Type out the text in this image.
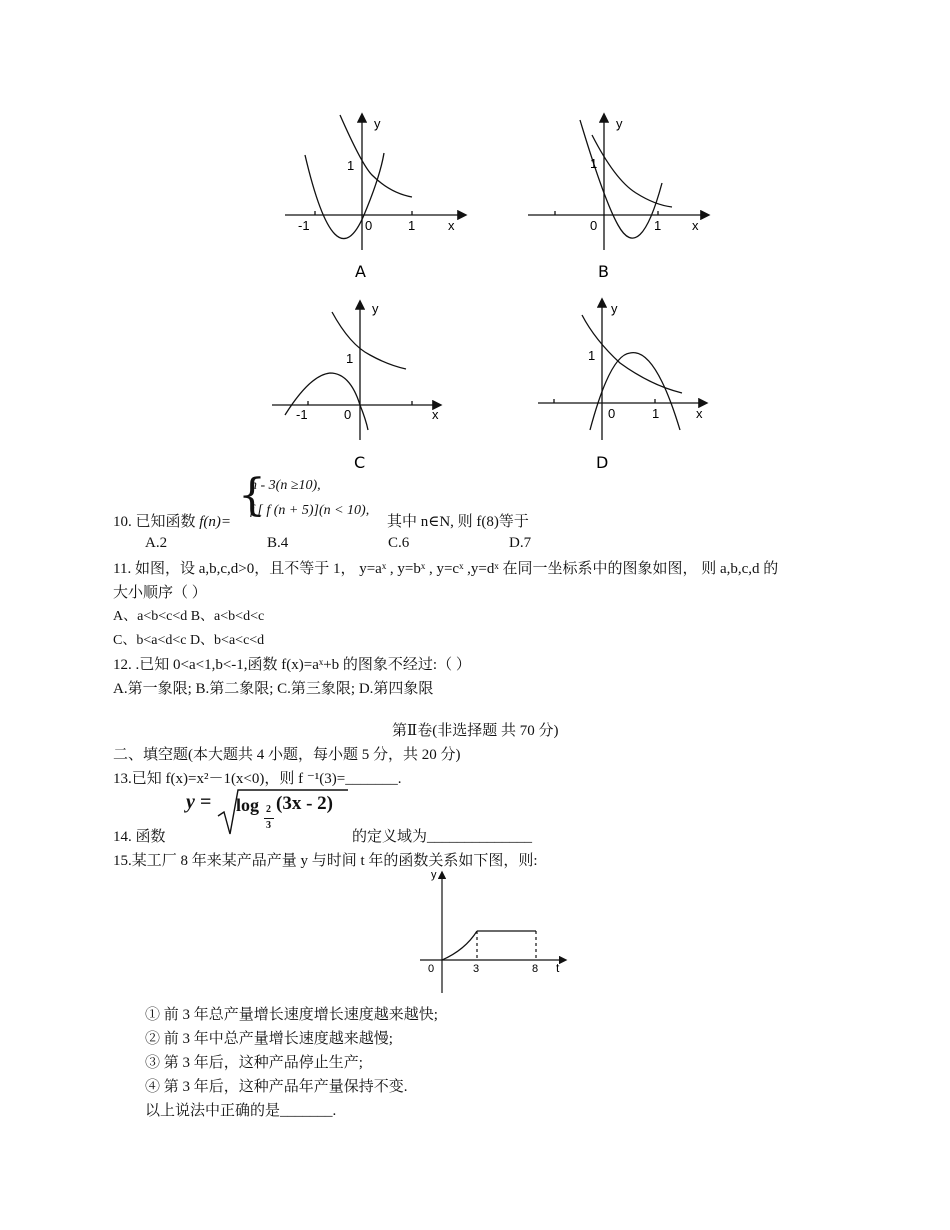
y
x
1
-1	0	1
A
y
x
1
0	1
B
y
x
1
-1	0
C
y
x
1
0	1
D
{
n - 3(n ≥10),
f [ f (n + 5)](n < 10),
10. 已知函数 f(n)=	其中 n∈N, 则 f(8)等于
A.2	B.4	C.6	D.7
11. 如图，设 a,b,c,d>0，且不等于 1， y=aˣ , y=bˣ , y=cˣ ,y=dˣ 在同一坐标系中的图象如图， 则 a,b,c,d 的
大小顺序（ ）
A、a<b<c<d B、a<b<d<c
C、b<a<d<c D、b<a<c<d
12. .已知 0<a<1,b<-1,函数 f(x)=aˣ+b 的图象不经过:（ ）
A.第一象限; B.第二象限; C.第三象限; D.第四象限
第Ⅱ卷(非选择题 共 70 分)
二、填空题(本大题共 4 小题，每小题 5 分，共 20 分)
13.已知 f(x)=x²－1(x<0)，则 f ⁻¹(3)=_______.
y = log 2
3
(3x - 2)
14. 函数	的定义域为______________
15.某工厂 8 年来某产品产量 y 与时间 t 年的函数关系如下图，则:
y
t
0	3	8
① 前 3 年总产量增长速度增长速度越来越快;
② 前 3 年中总产量增长速度越来越慢;
③ 第 3 年后，这种产品停止生产;
④ 第 3 年后，这种产品年产量保持不变.
以上说法中正确的是_______.
